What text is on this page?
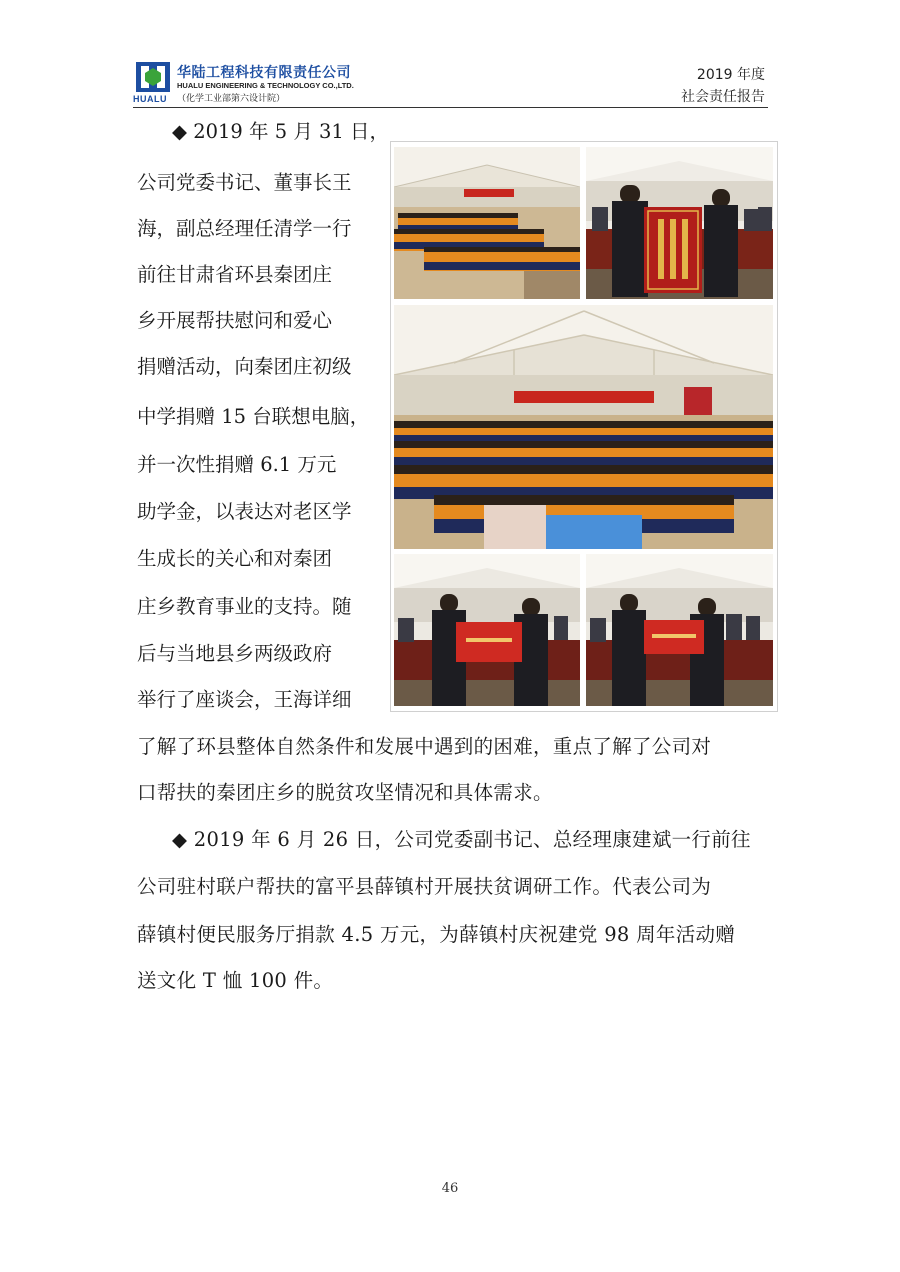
HUALU
华陆工程科技有限责任公司
HUALU ENGINEERING & TECHNOLOGY CO.,LTD.
（化学工业部第六设计院）
2019 年度
社会责任报告
◆ 2019 年 5 月 31 日，
公司党委书记、董事长王
海，副总经理任清学一行
前往甘肃省环县秦团庄
乡开展帮扶慰问和爱心
捐赠活动，向秦团庄初级
中学捐赠 15 台联想电脑，
并一次性捐赠 6.1 万元
助学金，以表达对老区学
生成长的关心和对秦团
庄乡教育事业的支持。随
后与当地县乡两级政府
举行了座谈会，王海详细
了解了环县整体自然条件和发展中遇到的困难，重点了解了公司对
口帮扶的秦团庄乡的脱贫攻坚情况和具体需求。
◆ 2019 年 6 月 26 日，公司党委副书记、总经理康建斌一行前往
公司驻村联户帮扶的富平县薛镇村开展扶贫调研工作。代表公司为
薛镇村便民服务厅捐款 4.5 万元，为薛镇村庆祝建党 98 周年活动赠
送文化 T 恤 100 件。
46
